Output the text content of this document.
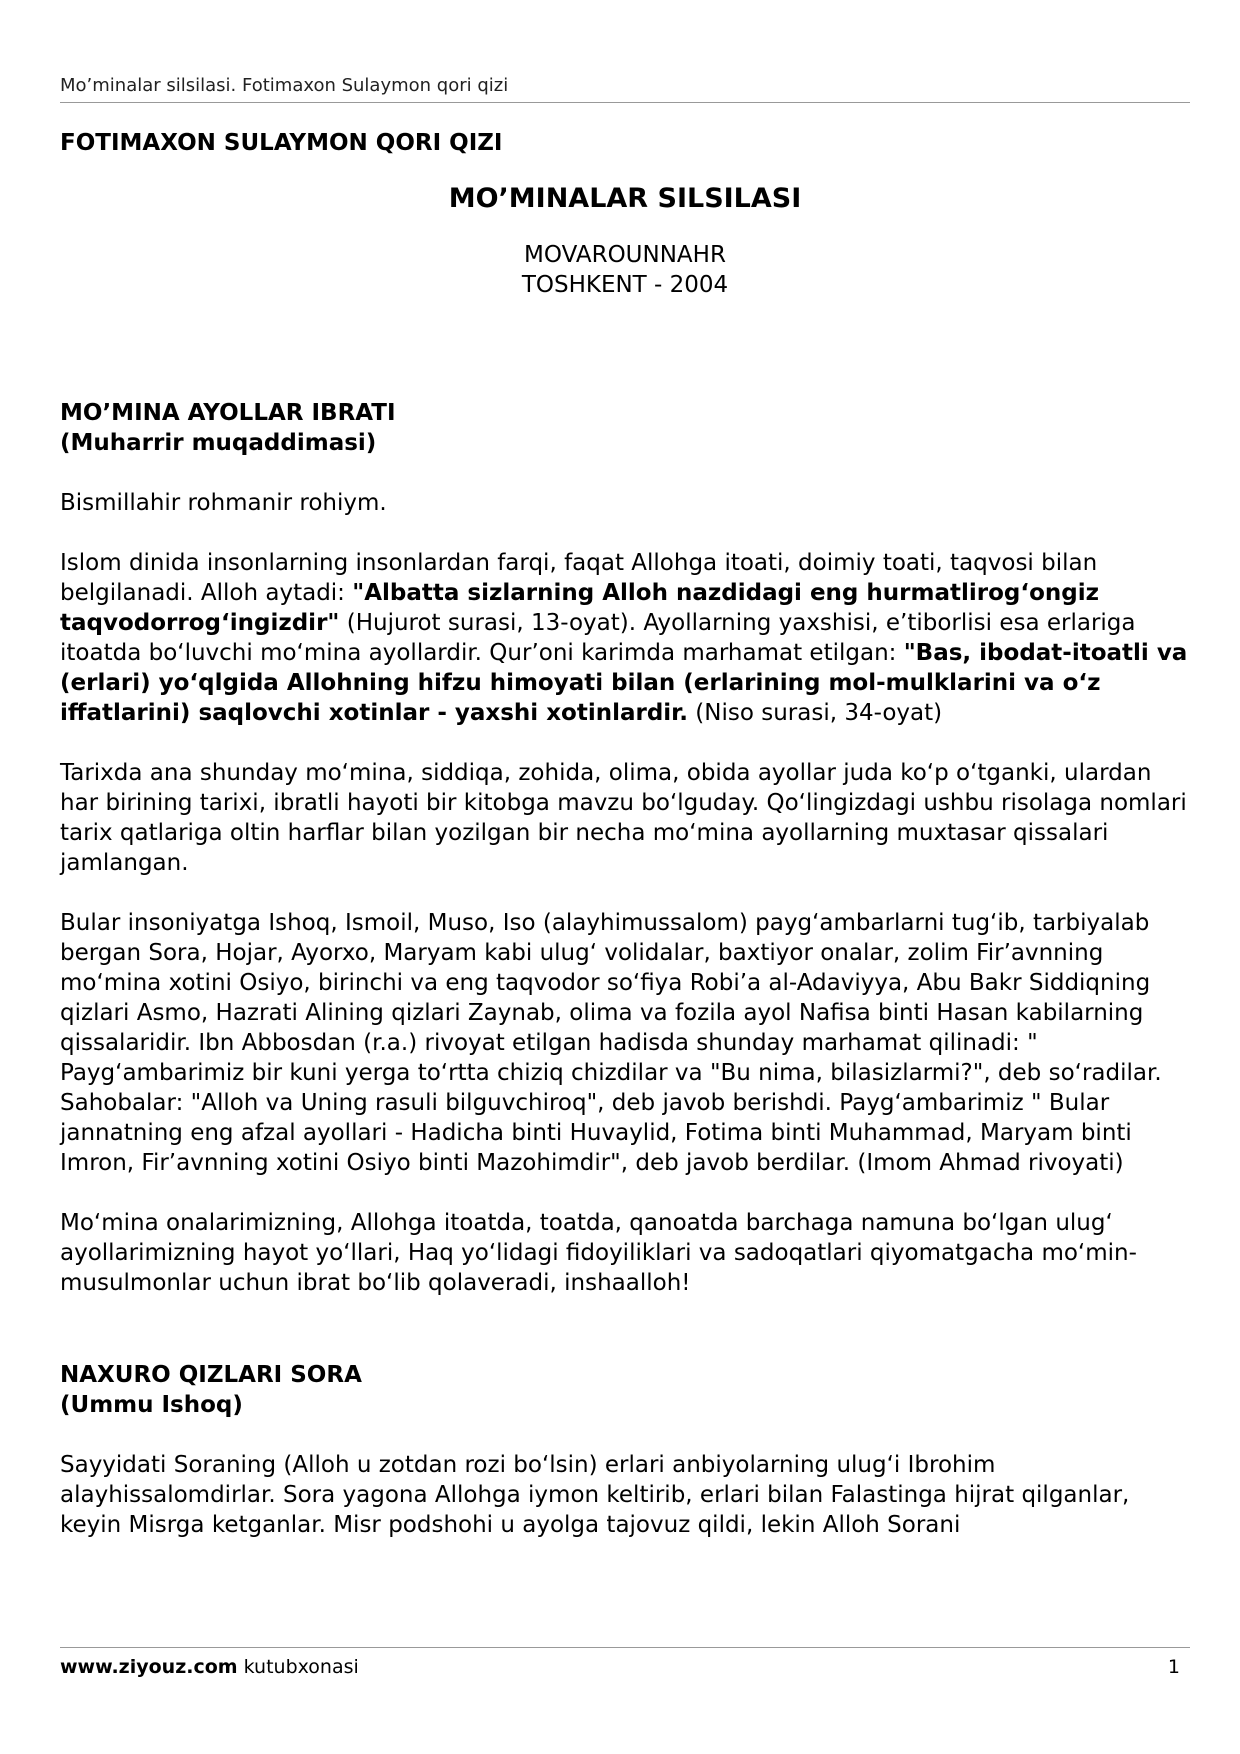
Mo’minalar silsilasi. Fotimaxon Sulaymon qori qizi
FOTIMAXON SULAYMON QORI QIZI
MO’MINALAR SILSILASI
MOVAROUNNAHR
TOSHKENT - 2004
MO’MINA AYOLLAR IBRATI
(Muharrir muqaddimasi)

Bismillahir rohmanir rohiym.

Islom dinida insonlarning insonlardan farqi, faqat Allohga itoati, doimiy toati, taqvosi bilan belgilanadi. Alloh aytadi: "Albatta sizlarning Alloh nazdidagi eng hurmatlirog‘ongiz taqvodorrog‘ingizdir" (Hujurot surasi, 13-oyat). Ayollarning yaxshisi, e’tiborlisi esa erlariga itoatda bo‘luvchi mo‘mina ayollardir. Qur’oni karimda marhamat etilgan: "Bas, ibodat-itoatli va (erlari) yo‘qlgida Allohning hifzu himoyati bilan (erlarining mol-mulklarini va o‘z iffatlarini) saqlovchi xotinlar - yaxshi xotinlardir. (Niso surasi, 34-oyat)

Tarixda ana shunday mo‘mina, siddiqa, zohida, olima, obida ayollar juda ko‘p o‘tganki, ulardan har birining tarixi, ibratli hayoti bir kitobga mavzu bo‘lguday. Qo‘lingizdagi ushbu risolaga nomlari tarix qatlariga oltin harflar bilan yozilgan bir necha mo‘mina ayollarning muxtasar qissalari jamlangan.

Bular insoniyatga Ishoq, Ismoil, Muso, Iso (alayhimussalom) payg‘ambarlarni tug‘ib, tarbiyalab bergan Sora, Hojar, Ayorxo, Maryam kabi ulug‘ volidalar, baxtiyor onalar, zolim Fir’avnning mo‘mina xotini Osiyo, birinchi va eng taqvodor so‘fiya Robi’a al-Adaviyya, Abu Bakr Siddiqning qizlari Asmo, Hazrati Alining qizlari Zaynab, olima va fozila ayol Nafisa binti Hasan kabilarning qissalaridir. Ibn Abbosdan (r.a.) rivoyat etilgan hadisda shunday marhamat qilinadi: " Payg‘ambarimiz bir kuni yerga to‘rtta chiziq chizdilar va "Bu nima, bilasizlarmi?", deb so‘radilar. Sahobalar: "Alloh va Uning rasuli bilguvchiroq", deb javob berishdi. Payg‘ambarimiz " Bular jannatning eng afzal ayollari - Hadicha binti Huvaylid, Fotima binti Muhammad, Maryam binti Imron, Fir’avnning xotini Osiyo binti Mazohimdir", deb javob berdilar. (Imom Ahmad rivoyati)

Mo‘mina onalarimizning, Allohga itoatda, toatda, qanoatda barchaga namuna bo‘lgan ulug‘ ayollarimizning hayot yo‘llari, Haq yo‘lidagi fidoyiliklari va sadoqatlari qiyomatgacha mo‘min-musulmonlar uchun ibrat bo‘lib qolaveradi, inshaalloh!

NAXURO QIZLARI SORA
(Ummu Ishoq)

Sayyidati Soraning (Alloh u zotdan rozi bo‘lsin) erlari anbiyolarning ulug‘i Ibrohim alayhissalomdirlar. Sora yagona Allohga iymon keltirib, erlari bilan Falastinga hijrat qilganlar, keyin Misrga ketganlar. Misr podshohi u ayolga tajovuz qildi, lekin Alloh Sorani

www.ziyouz.com kutubxonasi	1
